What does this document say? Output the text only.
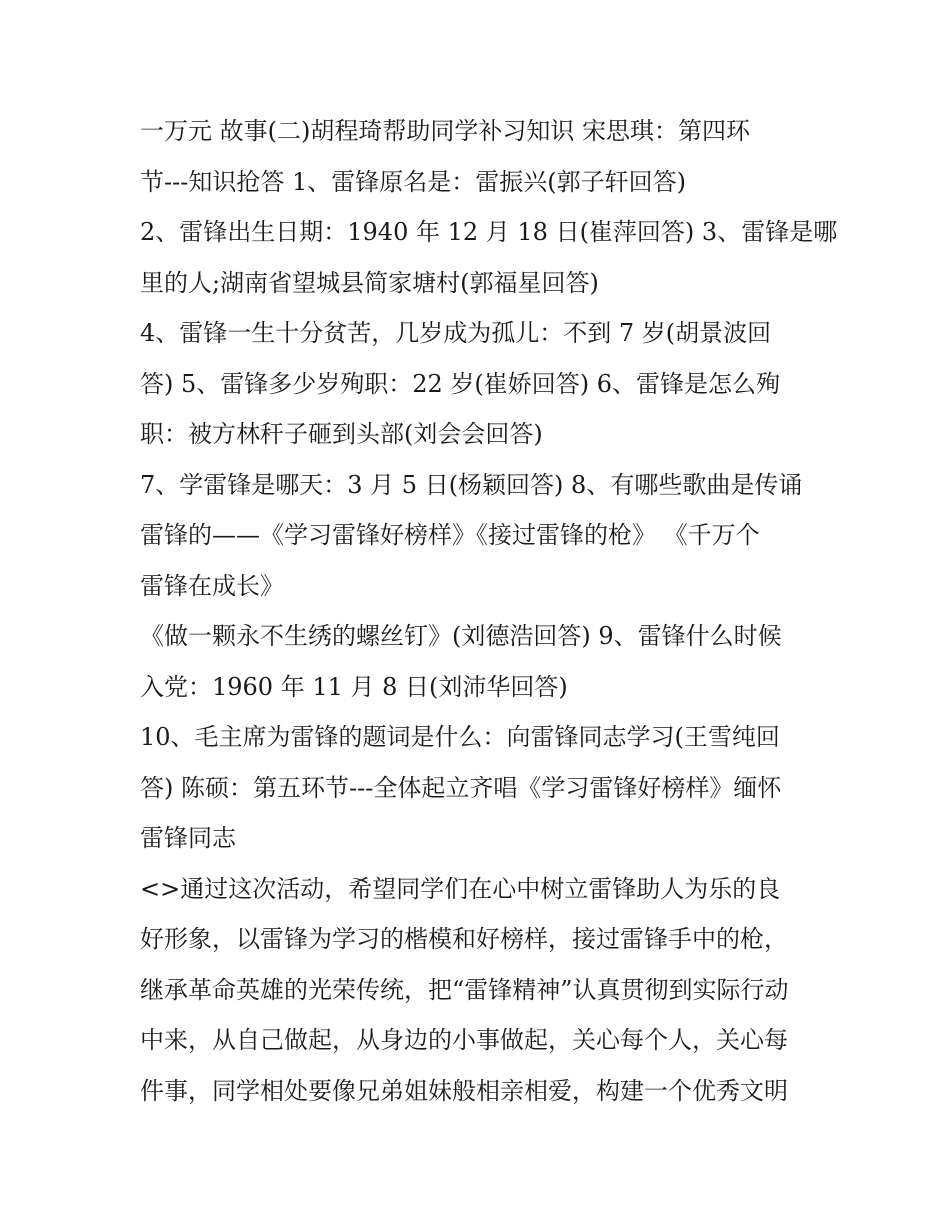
一万元 故事(二)胡程琦帮助同学补习知识 宋思琪：第四环
节---知识抢答 1、雷锋原名是：雷振兴(郭子轩回答)
2、雷锋出生日期：1940 年 12 月 18 日(崔萍回答) 3、雷锋是哪
里的人;湖南省望城县简家塘村(郭福星回答)
4、雷锋一生十分贫苦，几岁成为孤儿：不到 7 岁(胡景波回
答) 5、雷锋多少岁殉职：22 岁(崔娇回答) 6、雷锋是怎么殉
职：被方林秆子砸到头部(刘会会回答)
7、学雷锋是哪天：3 月 5 日(杨颖回答) 8、有哪些歌曲是传诵
雷锋的——《学习雷锋好榜样》《接过雷锋的枪》 《千万个
雷锋在成长》
《做一颗永不生绣的螺丝钉》(刘德浩回答) 9、雷锋什么时候
入党：1960 年 11 月 8 日(刘沛华回答)
10、毛主席为雷锋的题词是什么：向雷锋同志学习(王雪纯回
答) 陈硕：第五环节---全体起立齐唱《学习雷锋好榜样》缅怀
雷锋同志
<>通过这次活动，希望同学们在心中树立雷锋助人为乐的良
好形象，以雷锋为学习的楷模和好榜样，接过雷锋手中的枪，
继承革命英雄的光荣传统，把“雷锋精神”认真贯彻到实际行动
中来，从自己做起，从身边的小事做起，关心每个人，关心每
件事，同学相处要像兄弟姐妹般相亲相爱，构建一个优秀文明
